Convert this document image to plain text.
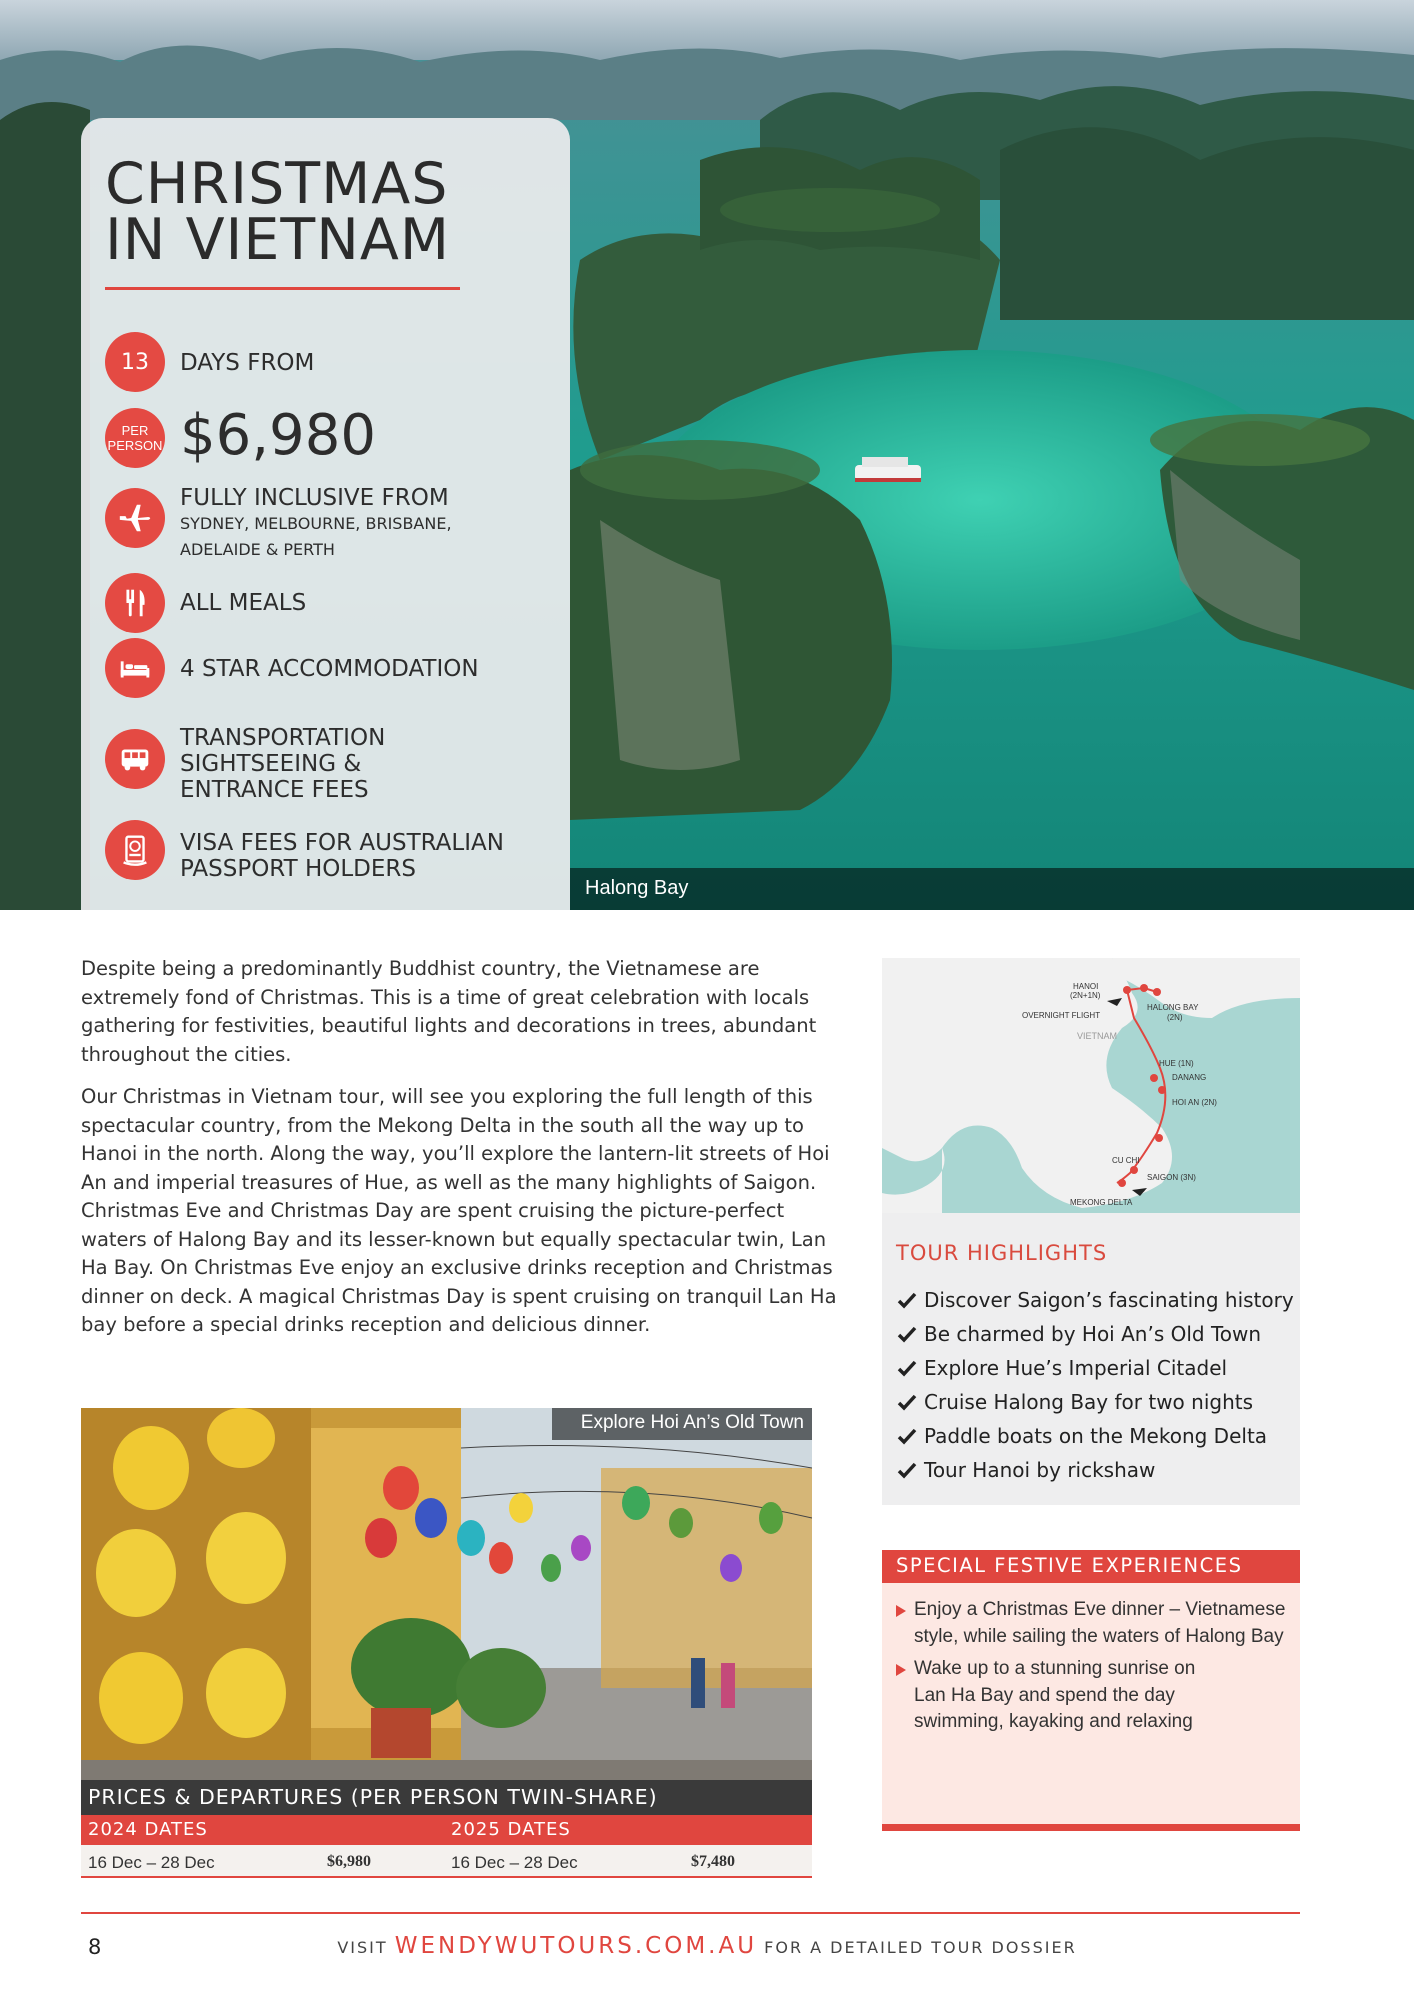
Halong Bay
CHRISTMAS
IN VIETNAM
13 DAYS FROM
PER
PERSON $6,980
FULLY INCLUSIVE FROM
SYDNEY, MELBOURNE, BRISBANE,
ADELAIDE & PERTH
ALL MEALS
4 STAR ACCOMMODATION
TRANSPORTATION
SIGHTSEEING &
ENTRANCE FEES
VISA FEES FOR AUSTRALIAN
PASSPORT HOLDERS

Despite being a predominantly Buddhist country, the Vietnamese are extremely fond of Christmas. This is a time of great celebration with locals gathering for festivities, beautiful lights and decorations in trees, abundant throughout the cities.

Our Christmas in Vietnam tour, will see you exploring the full length of this spectacular country, from the Mekong Delta in the south all the way up to Hanoi in the north. Along the way, you’ll explore the lantern-lit streets of Hoi An and imperial treasures of Hue, as well as the many highlights of Saigon. Christmas Eve and Christmas Day are spent cruising the picture-perfect waters of Halong Bay and its lesser-known but equally spectacular twin, Lan Ha Bay. On Christmas Eve enjoy an exclusive drinks reception and Christmas dinner on deck. A magical Christmas Day is spent cruising on tranquil Lan Ha bay before a special drinks reception and delicious dinner.

HANOI
(2N+1N)
OVERNIGHT FLIGHT
HALONG BAY
(2N)
VIETNAM
HUE (1N)
DANANG
HOI AN (2N)
CU CHI
SAIGON (3N)
MEKONG DELTA
TOUR HIGHLIGHTS
Discover Saigon’s fascinating history
Be charmed by Hoi An’s Old Town
Explore Hue’s Imperial Citadel
Cruise Halong Bay for two nights
Paddle boats on the Mekong Delta
Tour Hanoi by rickshaw
SPECIAL FESTIVE EXPERIENCES
Enjoy a Christmas Eve dinner – Vietnamese
style, while sailing the waters of Halong Bay
Wake up to a stunning sunrise on
Lan Ha Bay and spend the day
swimming, kayaking and relaxing
Explore Hoi An’s Old Town
PRICES & DEPARTURES (PER PERSON TWIN-SHARE)
2024 DATES	2025 DATES
16 Dec – 28 Dec	$6,980	16 Dec – 28 Dec	$7,480
8	VISIT WENDYWUTOURS.COM.AU FOR A DETAILED TOUR DOSSIER
